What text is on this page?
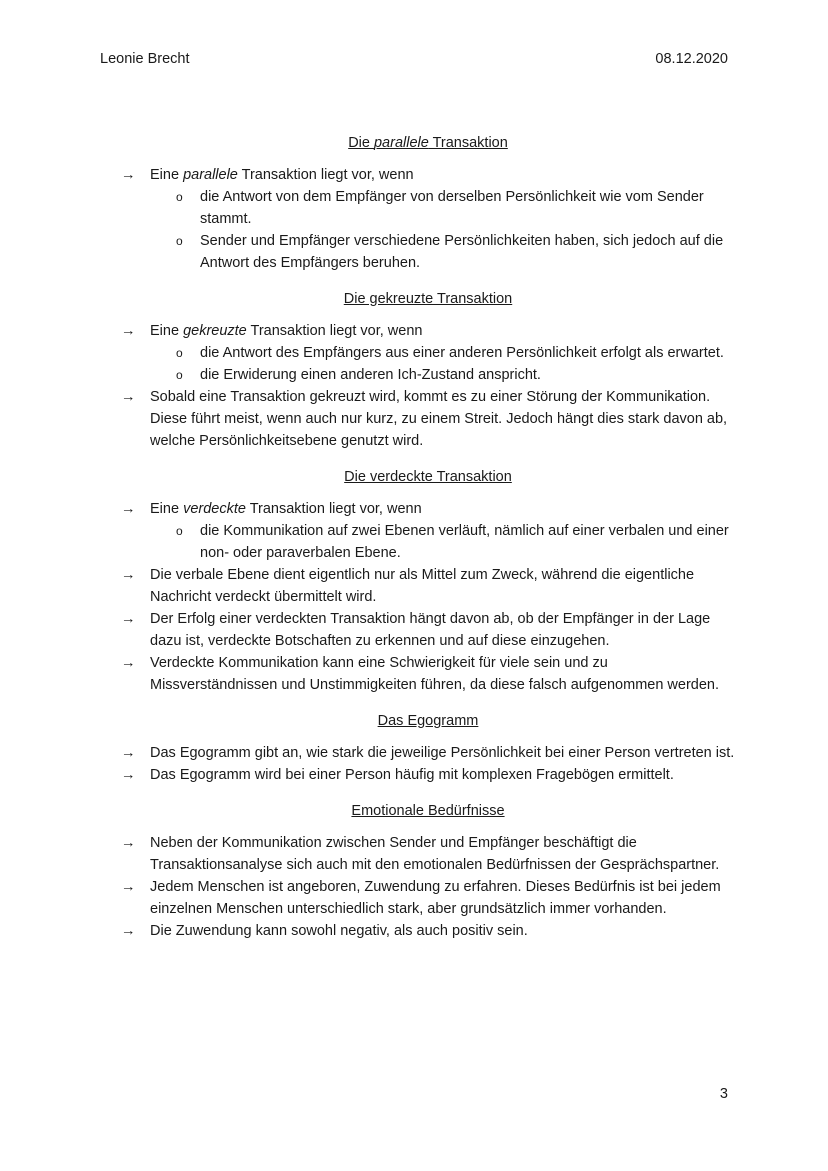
Leonie Brecht	08.12.2020

Die parallele Transaktion

→ Eine parallele Transaktion liegt vor, wenn

o die Antwort von dem Empfänger von derselben Persönlichkeit wie vom Sender stammt.

o Sender und Empfänger verschiedene Persönlichkeiten haben, sich jedoch auf die Antwort des Empfängers beruhen.

Die gekreuzte Transaktion

→ Eine gekreuzte Transaktion liegt vor, wenn

o die Antwort des Empfängers aus einer anderen Persönlichkeit erfolgt als erwartet.

o die Erwiderung einen anderen Ich-Zustand anspricht.

→ Sobald eine Transaktion gekreuzt wird, kommt es zu einer Störung der Kommunikation. Diese führt meist, wenn auch nur kurz, zu einem Streit. Jedoch hängt dies stark davon ab, welche Persönlichkeitsebene genutzt wird.

Die verdeckte Transaktion

→ Eine verdeckte Transaktion liegt vor, wenn

o die Kommunikation auf zwei Ebenen verläuft, nämlich auf einer verbalen und einer non- oder paraverbalen Ebene.

→ Die verbale Ebene dient eigentlich nur als Mittel zum Zweck, während die eigentliche Nachricht verdeckt übermittelt wird.

→ Der Erfolg einer verdeckten Transaktion hängt davon ab, ob der Empfänger in der Lage dazu ist, verdeckte Botschaften zu erkennen und auf diese einzugehen.

→ Verdeckte Kommunikation kann eine Schwierigkeit für viele sein und zu Missverständnissen und Unstimmigkeiten führen, da diese falsch aufgenommen werden.

Das Egogramm

→ Das Egogramm gibt an, wie stark die jeweilige Persönlichkeit bei einer Person vertreten ist.

→ Das Egogramm wird bei einer Person häufig mit komplexen Fragebögen ermittelt.

Emotionale Bedürfnisse

→ Neben der Kommunikation zwischen Sender und Empfänger beschäftigt die Transaktionsanalyse sich auch mit den emotionalen Bedürfnissen der Gesprächspartner.

→ Jedem Menschen ist angeboren, Zuwendung zu erfahren. Dieses Bedürfnis ist bei jedem einzelnen Menschen unterschiedlich stark, aber grundsätzlich immer vorhanden.

→ Die Zuwendung kann sowohl negativ, als auch positiv sein.

3
